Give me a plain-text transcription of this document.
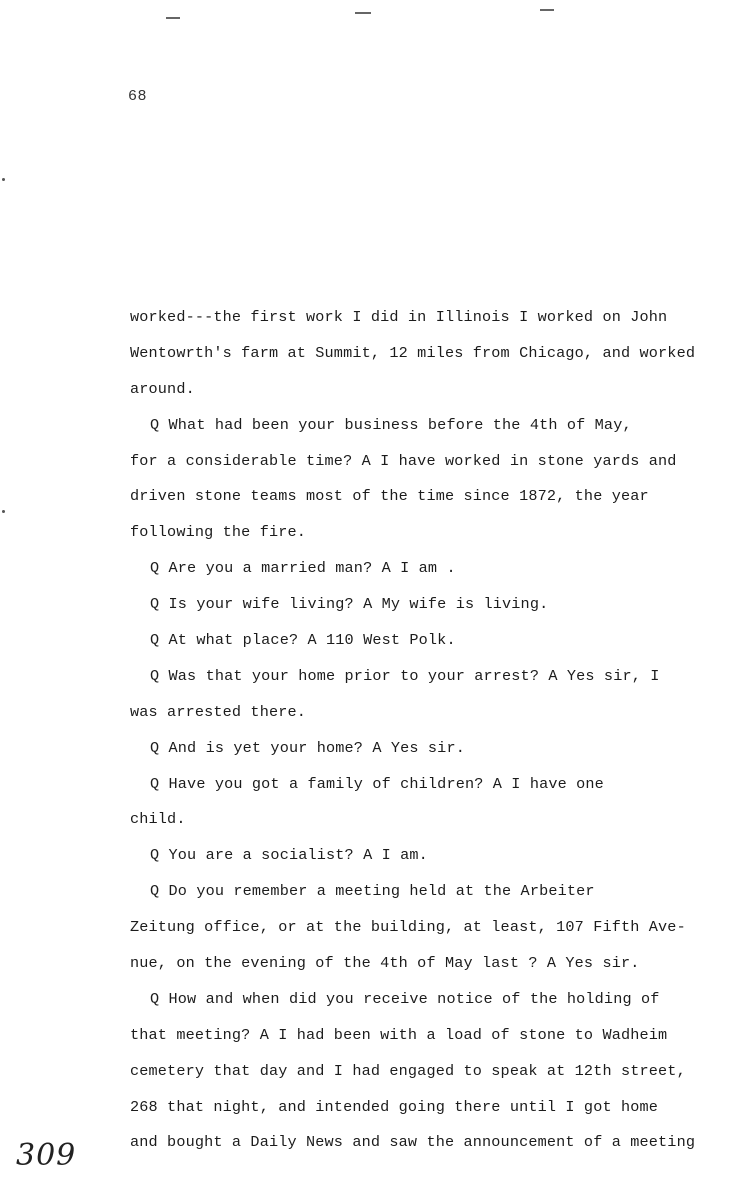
68
worked---the first work I did in Illinois I worked on John
Wentowrth's farm at Summit, 12 miles from Chicago, and worked
around.
Q What had been your business before the 4th of May,
for a considerable time? A I have worked in stone yards and
driven stone teams most of the time since 1872, the year
following the fire.
Q Are you a married man? A I am .
Q Is your wife living? A My wife is living.
Q At what place? A 110 West Polk.
Q Was that your home prior to your arrest? A Yes sir, I
was arrested there.
Q And is yet your home? A Yes sir.
Q Have you got a family of children? A I have one
child.
Q You are a socialist? A I am.
Q Do you remember a meeting held at the Arbeiter
Zeitung office, or at the building, at least, 107 Fifth Ave-
nue, on the evening of the 4th of May last ? A Yes sir.
Q How and when did you receive notice of the holding of
that meeting? A I had been with a load of stone to Wadheim
cemetery that day and I had engaged to speak at 12th street,
268 that night, and intended going there until I got home
and bought a Daily News and saw the announcement of a meeting
309
